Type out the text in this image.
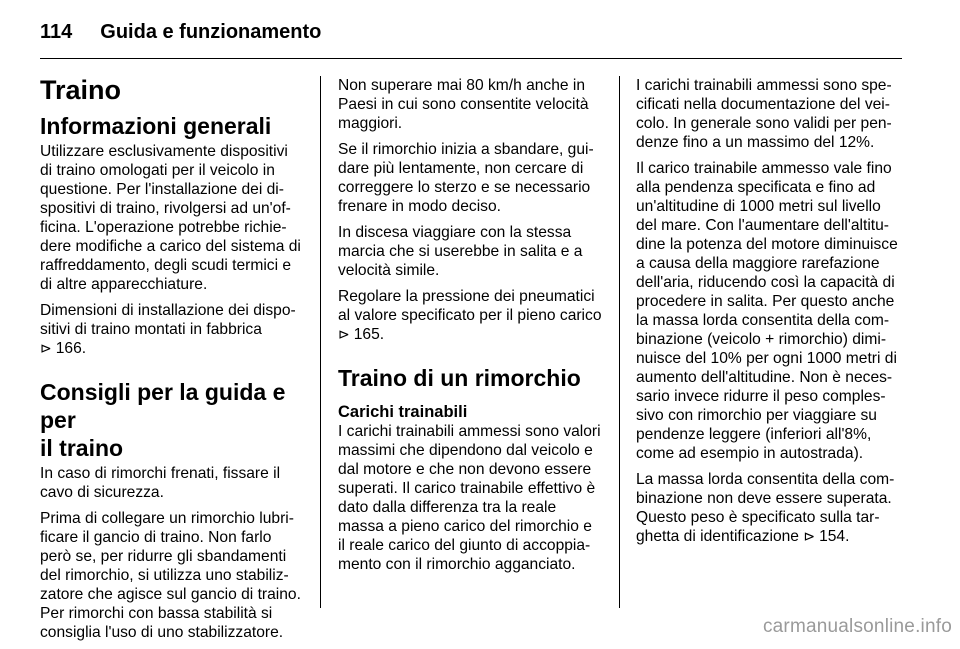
114 Guida e funzionamento
Traino
Informazioni generali

Utilizzare esclusivamente dispositivi
di traino omologati per il veicolo in
questione. Per l'installazione dei di-
spositivi di traino, rivolgersi ad un'of-
ficina. L'operazione potrebbe richie-
dere modifiche a carico del sistema di
raffreddamento, degli scudi termici e
di altre apparecchiature.

Dimensioni di installazione dei dispo-
sitivi di traino montati in fabbrica
⊳ 166.

Consigli per la guida e per
il traino

In caso di rimorchi frenati, fissare il
cavo di sicurezza.

Prima di collegare un rimorchio lubri-
ficare il gancio di traino. Non farlo
però se, per ridurre gli sbandamenti
del rimorchio, si utilizza uno stabiliz-
zatore che agisce sul gancio di traino.
Per rimorchi con bassa stabilità si
consiglia l'uso di uno stabilizzatore.

Non superare mai 80 km/h anche in
Paesi in cui sono consentite velocità
maggiori.

Se il rimorchio inizia a sbandare, gui-
dare più lentamente, non cercare di
correggere lo sterzo e se necessario
frenare in modo deciso.

In discesa viaggiare con la stessa
marcia che si userebbe in salita e a
velocità simile.

Regolare la pressione dei pneumatici
al valore specificato per il pieno carico
⊳ 165.

Traino di un rimorchio
Carichi trainabili

I carichi trainabili ammessi sono valori
massimi che dipendono dal veicolo e
dal motore e che non devono essere
superati. Il carico trainabile effettivo è
dato dalla differenza tra la reale
massa a pieno carico del rimorchio e
il reale carico del giunto di accoppia-
mento con il rimorchio agganciato.

I carichi trainabili ammessi sono spe-
cificati nella documentazione del vei-
colo. In generale sono validi per pen-
denze fino a un massimo del 12%.

Il carico trainabile ammesso vale fino
alla pendenza specificata e fino ad
un'altitudine di 1000 metri sul livello
del mare. Con l'aumentare dell'altitu-
dine la potenza del motore diminuisce
a causa della maggiore rarefazione
dell'aria, riducendo così la capacità di
procedere in salita. Per questo anche
la massa lorda consentita della com-
binazione (veicolo + rimorchio) dimi-
nuisce del 10% per ogni 1000 metri di
aumento dell'altitudine. Non è neces-
sario invece ridurre il peso comples-
sivo con rimorchio per viaggiare su
pendenze leggere (inferiori all'8%,
come ad esempio in autostrada).

La massa lorda consentita della com-
binazione non deve essere superata.
Questo peso è specificato sulla tar-
ghetta di identificazione ⊳ 154.

carmanualsonline.info
